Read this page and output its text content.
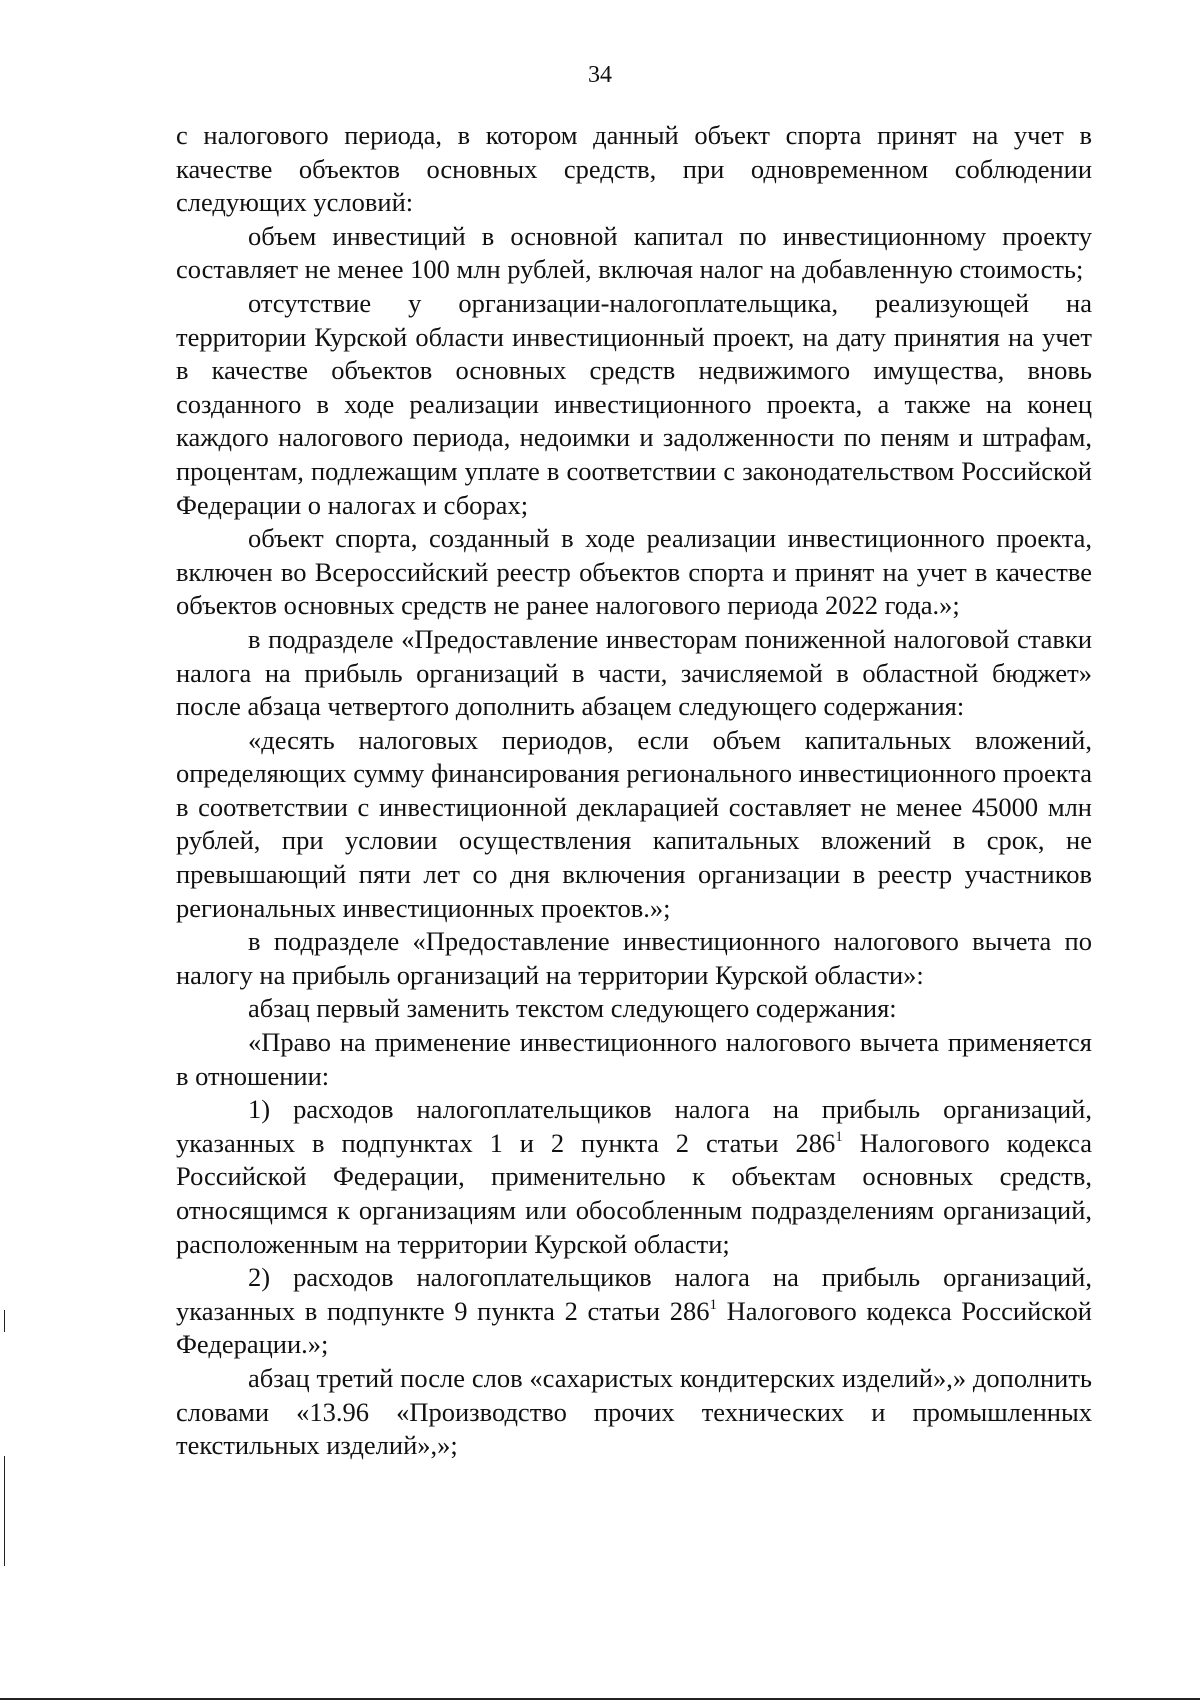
34

с налогового периода, в котором данный объект спорта принят на учет в качестве объектов основных средств, при одновременном соблюдении следующих условий:

объем инвестиций в основной капитал по инвестиционному проекту составляет не менее 100 млн рублей, включая налог на добавленную стоимость;

отсутствие у организации-налогоплательщика, реализующей на территории Курской области инвестиционный проект, на дату принятия на учет в качестве объектов основных средств недвижимого имущества, вновь созданного в ходе реализации инвестиционного проекта, а также на конец каждого налогового периода, недоимки и задолженности по пеням и штрафам, процентам, подлежащим уплате в соответствии с законодательством Российской Федерации о налогах и сборах;

объект спорта, созданный в ходе реализации инвестиционного проекта, включен во Всероссийский реестр объектов спорта и принят на учет в качестве объектов основных средств не ранее налогового периода 2022 года.»;

в подразделе «Предоставление инвесторам пониженной налоговой ставки налога на прибыль организаций в части, зачисляемой в областной бюджет» после абзаца четвертого дополнить абзацем следующего содержания:

«десять налоговых периодов, если объем капитальных вложений, определяющих сумму финансирования регионального инвестиционного проекта в соответствии с инвестиционной декларацией составляет не менее 45000 млн рублей, при условии осуществления капитальных вложений в срок, не превышающий пяти лет со дня включения организации в реестр участников региональных инвестиционных проектов.»;

в подразделе «Предоставление инвестиционного налогового вычета по налогу на прибыль организаций на территории Курской области»:

абзац первый заменить текстом следующего содержания:

«Право на применение инвестиционного налогового вычета применяется в отношении:

1) расходов налогоплательщиков налога на прибыль организаций, указанных в подпунктах 1 и 2 пункта 2 статьи $286^1$ Налогового кодекса Российской Федерации, применительно к объектам основных средств, относящимся к организациям или обособленным подразделениям организаций, расположенным на территории Курской области;

2) расходов налогоплательщиков налога на прибыль организаций, указанных в подпункте 9 пункта 2 статьи $286^1$ Налогового кодекса Российской Федерации.»;

абзац третий после слов «сахаристых кондитерских изделий»,» дополнить словами «13.96 «Производство прочих технических и промышленных текстильных изделий»,»;
